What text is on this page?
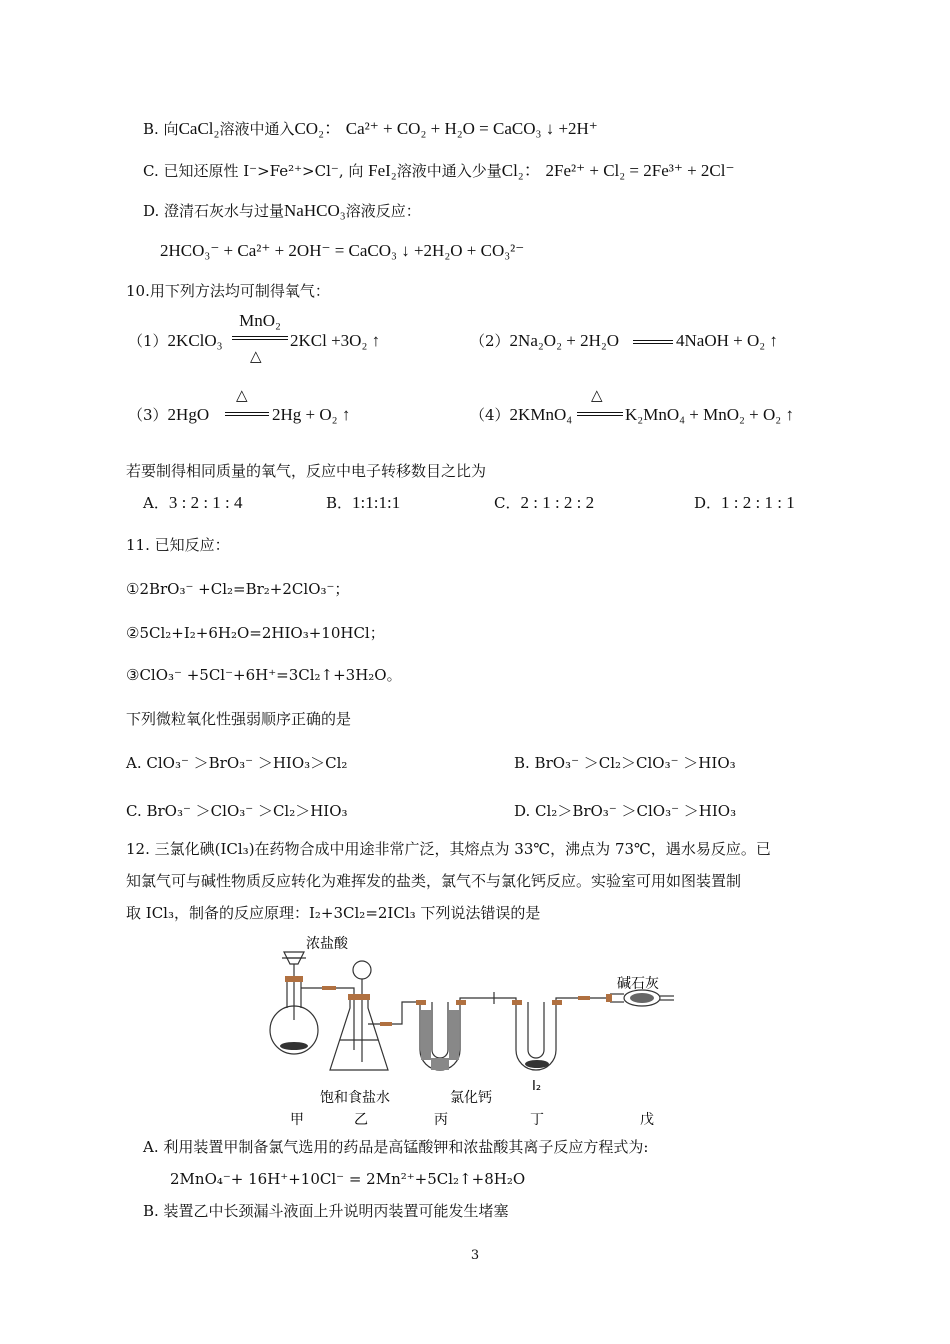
B. 向CaCl₂溶液中通入CO₂： Ca²⁺ + CO₂ + H₂O = CaCO₃ ↓ +2H⁺
C. 已知还原性 I⁻>Fe²⁺>Cl⁻, 向 FeI₂溶液中通入少量Cl₂： 2Fe²⁺ + Cl₂ = 2Fe³⁺ + 2Cl⁻
D. 澄清石灰水与过量NaHCO₃溶液反应：
2HCO₃⁻ + Ca²⁺ + 2OH⁻ = CaCO₃ ↓ +2H₂O + CO₃²⁻
10.用下列方法均可制得氧气：
（1）2KClO₃
MnO₂
△
2KCl +3O₂ ↑	（2）2Na₂O₂ + 2H₂O	4NaOH + O₂ ↑
（3）2HgO
△
2Hg + O₂ ↑	（4）2KMnO₄
△
K₂MnO₄ + MnO₂ + O₂ ↑
若要制得相同质量的氧气，反应中电子转移数目之比为
A．3 : 2 : 1 : 4	B．1:1:1:1	C．2 : 1 : 2 : 2	D．1 : 2 : 1 : 1
11. 已知反应：
①2BrO₃⁻ +Cl₂=Br₂+2ClO₃⁻；
②5Cl₂+I₂+6H₂O=2HIO₃+10HCl；
③ClO₃⁻ +5Cl⁻+6H⁺=3Cl₂↑+3H₂O。
下列微粒氧化性强弱顺序正确的是
A. ClO₃⁻ ＞BrO₃⁻ ＞HIO₃＞Cl₂	B. BrO₃⁻ ＞Cl₂＞ClO₃⁻ ＞HIO₃
C. BrO₃⁻ ＞ClO₃⁻ ＞Cl₂＞HIO₃	D. Cl₂＞BrO₃⁻ ＞ClO₃⁻ ＞HIO₃
12. 三氯化碘(ICl₃)在药物合成中用途非常广泛，其熔点为 33℃，沸点为 73℃，遇水易反应。已
知氯气可与碱性物质反应转化为难挥发的盐类，氯气不与氯化钙反应。实验室可用如图装置制
取 ICl₃，制备的反应原理：I₂+3Cl₂=2ICl₃ 下列说法错误的是
浓盐酸
碱石灰
饱和食盐水	氯化钙
I₂
甲	乙	丙	丁	戊
A. 利用装置甲制备氯气选用的药品是高锰酸钾和浓盐酸其离子反应方程式为:
2MnO₄⁻+ 16H⁺+10Cl⁻ = 2Mn²⁺+5Cl₂↑+8H₂O
B. 装置乙中长颈漏斗液面上升说明丙装置可能发生堵塞
3
